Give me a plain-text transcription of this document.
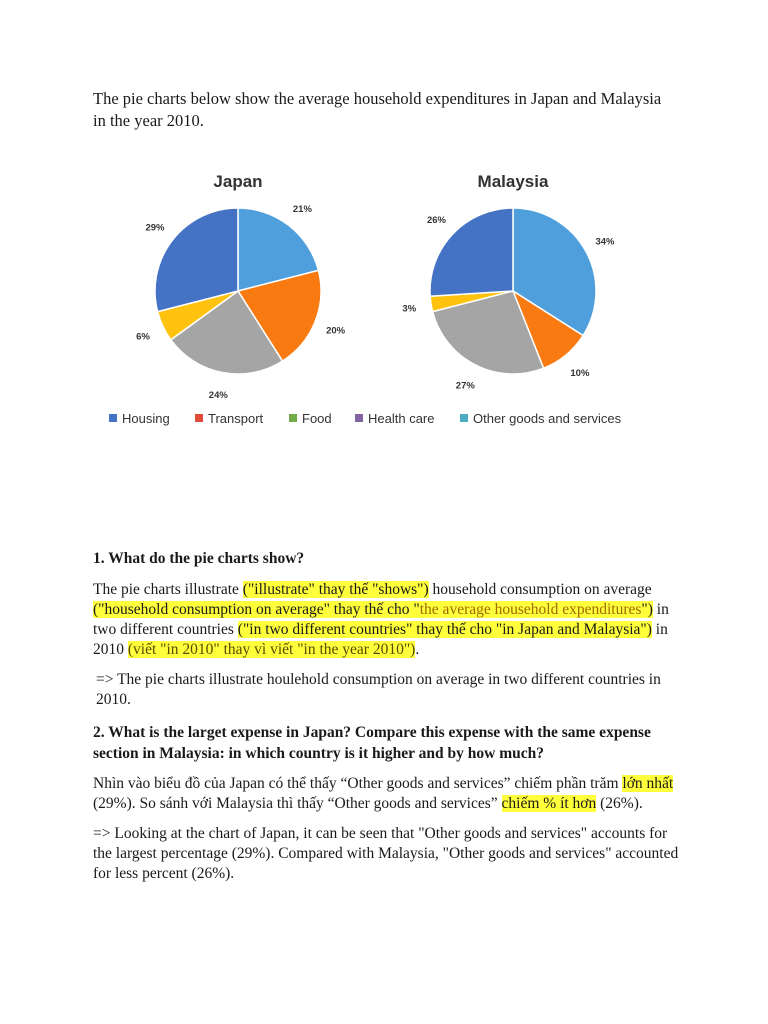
The pie charts below show the average household expenditures in Japan and Malaysia in the year 2010.

Japan
21%
20%
24%
6%
29%
Malaysia
34%
10%
27%
3%
26%
Housing	Transport	Food	Health care	Other goods and services
1. What do the pie charts show?

The pie charts illustrate ("illustrate" thay thế "shows") household consumption on average ("household consumption on average" thay thế cho "the average household expenditures") in two different countries ("in two different countries" thay thế cho "in Japan and Malaysia") in 2010 (viết "in 2010" thay vì viết "in the year 2010").

=> The pie charts illustrate houlehold consumption on average in two different countries in 2010.

2. What is the larget expense in Japan? Compare this expense with the same expense section in Malaysia: in which country is it higher and by how much?

Nhìn vào biểu đồ của Japan có thể thấy “Other goods and services” chiếm phần trăm lớn nhất (29%). So sánh với Malaysia thì thấy “Other goods and services” chiếm % ít hơn (26%).

=> Looking at the chart of Japan, it can be seen that "Other goods and services" accounts for the largest percentage (29%). Compared with Malaysia, "Other goods and services" accounted for less percent (26%).
